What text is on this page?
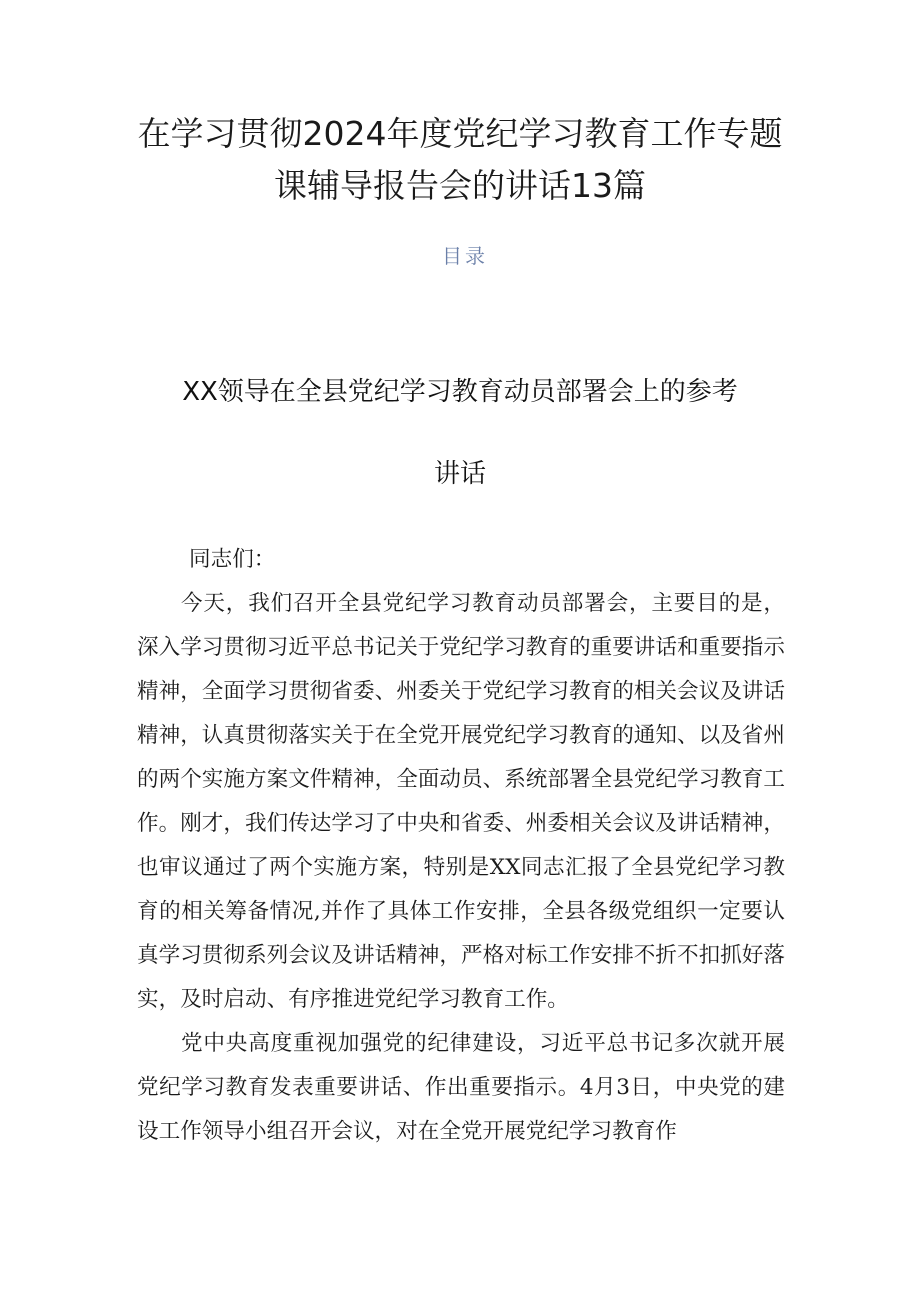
在学习贯彻2024年度党纪学习教育工作专题课辅导报告会的讲话13篇
目录
XX领导在全县党纪学习教育动员部署会上的参考
讲话

同志们：

今天，我们召开全县党纪学习教育动员部署会，主要目的是，深入学习贯彻习近平总书记关于党纪学习教育的重要讲话和重要指示精神，全面学习贯彻省委、州委关于党纪学习教育的相关会议及讲话精神，认真贯彻落实关于在全党开展党纪学习教育的通知、以及省州的两个实施方案文件精神，全面动员、系统部署全县党纪学习教育工作。刚才，我们传达学习了中央和省委、州委相关会议及讲话精神，也审议通过了两个实施方案，特别是XX同志汇报了全县党纪学习教育的相关筹备情况,并作了具体工作安排，全县各级党组织一定要认真学习贯彻系列会议及讲话精神，严格对标工作安排不折不扣抓好落实，及时启动、有序推进党纪学习教育工作。

党中央高度重视加强党的纪律建设，习近平总书记多次就开展党纪学习教育发表重要讲话、作出重要指示。4月3日，中央党的建设工作领导小组召开会议，对在全党开展党纪学习教育作
